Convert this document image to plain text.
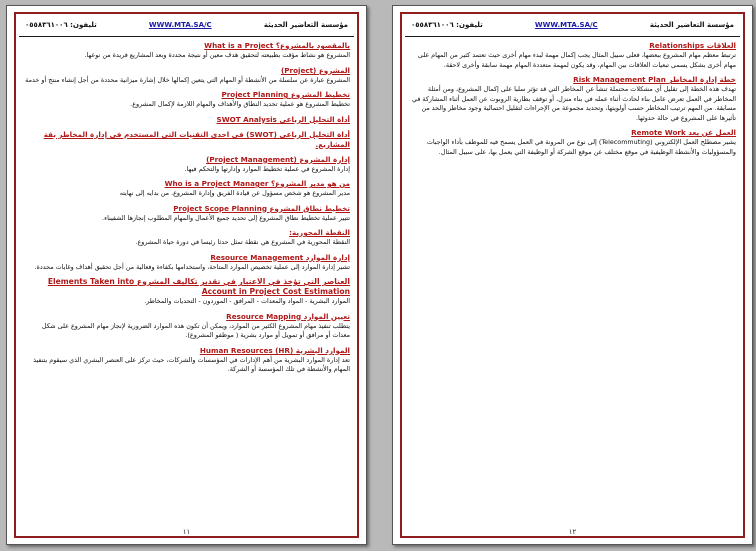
تليفون: ٠٥٥٨٣٦١٠٠٦	WWW.MTA.SA/C	مؤسسة التعاضير الحديثة
بالمقصود بالمشروع؟ What is a Project
المشروع هو نشاط مؤقت بطبيعته لتحقيق هدف معين أو نتيجة محددة وبعد المشاريع فريدة من نوعها.
المشروع (Project)
المشروع عبارة عن سلسلة من الأنشطة أو المهام التي يتعين إكمالها خلال إشارة ميزانية محددة من أجل إنشاء منتج أو خدمة
تخطيط المشروع Project Planning
تخطيط المشروع هو عملية تحديد النطاق والأهداف والمهام اللازمة لإكمال المشروع.
أداة التحليل الرباعي SWOT Analysis
أداة التحليل الرباعي (SWOT) في احدى التقنيات التي المستخدم في إدارة المخاطر بقة المشاريع.
إدارة المشروع (Project Management)
إدارة المشروع في عملية تخطيط الموارد وإدارتها والتحكم فيها.
من هو مدير المشروع؟ Who is a Project Manager
مدير المشروع هو شخص مسؤول عن قيادة الفريق وإدارة المشروع. من بدايه إلى نهايته
تخطيط نطاق المشروع Project Scope Planning
تتيير عملية تخطيط نطاق المشروع إلى تحديد جميع الأعمال والمهام المطلوب إنجازها الشفيناء.
النقطة المحورية:
النقطة المحورية في المشروع هي نقطة تمثل حدثا رئيسا في دورة حياة المشروع.
إدارة الموارد Resource Management
تشير إدارة الموارد إلى عملية تخصيص الموارد المتاحة، واستخدامها بكفاءة وفعالية من أجل تحقيق أهداف وغايات محددة.
العناصر التي تؤخذ في الاعتبار في تقدير تكاليف المشروع Elements Taken into Account in Project Cost Estimation
الموارد البشرية - المواد والمعدات - المرافق - الموردون - التحديات والمخاطر.
تعيين الموارد Resource Mapping
يتطلب تنفيذ مهام المشروع الكثير من الموارد، ويمكن أن تكون هذه الموارد الضرورية لإنجاز مهام المشروع على شكل معدات أو مرافق أو تمويل أو موارد بشرية ( موظفو المشروع).
الموارد البشرية Human Resources (HR)
تعد إدارة الموارد البشرية من أهم الإدارات في المؤسسات والشركات، حيث تركز على العنصر البشري الذي سيقوم بتنفيذ المهام والأنشطة في تلك المؤسسة أو الشركة.
١١
تليفون: ٠٥٥٨٣٦١٠٠٦	WWW.MTA.SA/C	مؤسسة التعاضير الحديثة
العلاقات Relationships
ترتبط معظم مهام المشروع ببعضها، فعلى سبيل المثال يجب إكمال مهمة لبدء مهام أخرى حيث تعتمد كثير من المهام على مهام أخرى بشكل يسمى تبعيات العلاقات بين المهام، وقد يكون لمهمة متعددة المهام مهمة سابقة وأخرى لاحقة.
خطة إدارة المخاطر Risk Management Plan
تهدف هذه الخطة إلى تقليل أي مشكلات محتملة تنشأ عن المخاطر التي قد تؤثر سلبا على إكمال المشروع، ومن أمثلة المخاطر في العمل تعرض عامل بناء لحادث أثناء عمله في بناء منزل، أو توقف بطارية الروبوت عن العمل أثناء المشاركة في مسابقة. من المهم ترتيب المخاطر حسب أولويتها، وتحديد مجموعة من الإجراءات لتقليل احتمالية وجود مخاطر والحد من تأثيرها على المشروع في حالة حدوثها.
العمل عن بعد Remote Work
يشير مصطلح العمل الإلكتروني (Telecommuting) إلى نوع من المرونة في العمل يسمح فيه للموظف بأداء الواجبات والمسؤوليات والأنشطة الوظيفية في موقع مختلف عن موقع الشركة أو الوظيفة التي يعمل بها، على سبيل المثال.
١٢
